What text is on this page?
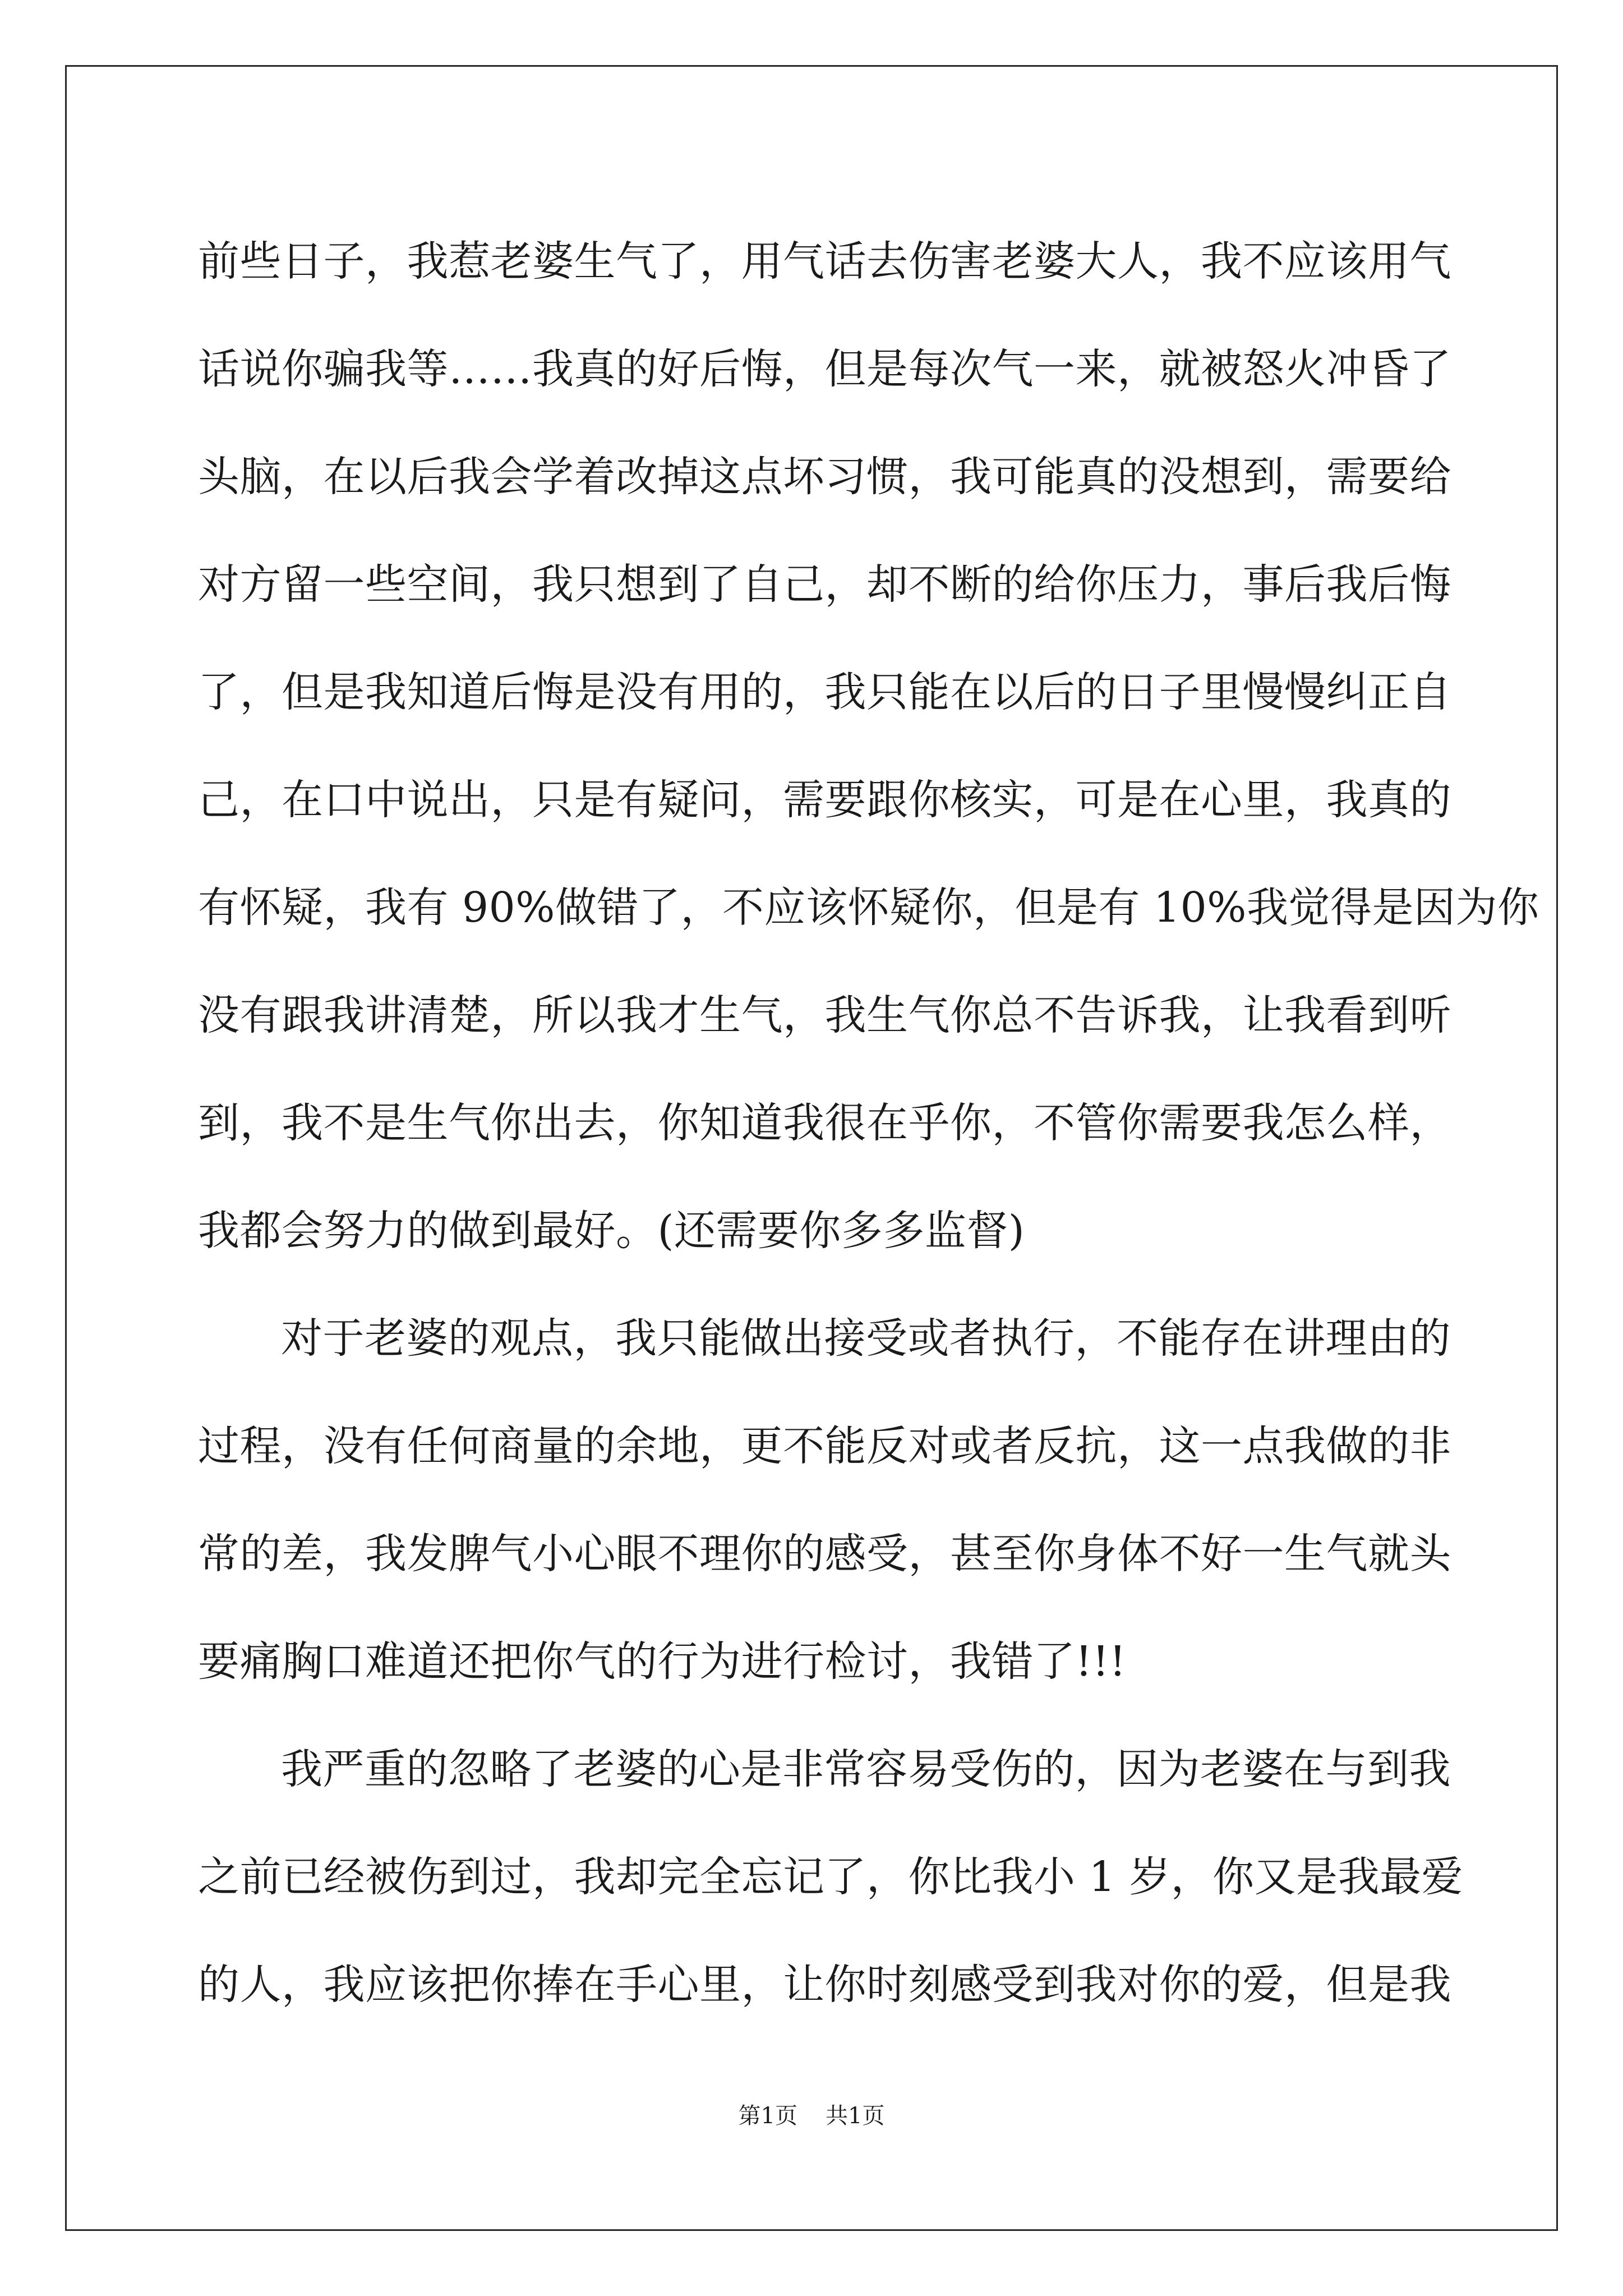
前些日子，我惹老婆生气了，用气话去伤害老婆大人，我不应该用气
话说你骗我等……我真的好后悔，但是每次气一来，就被怒火冲昏了
头脑，在以后我会学着改掉这点坏习惯，我可能真的没想到，需要给
对方留一些空间，我只想到了自己，却不断的给你压力，事后我后悔
了，但是我知道后悔是没有用的，我只能在以后的日子里慢慢纠正自
己，在口中说出，只是有疑问，需要跟你核实，可是在心里，我真的
有怀疑，我有 90%做错了，不应该怀疑你，但是有 10%我觉得是因为你
没有跟我讲清楚，所以我才生气，我生气你总不告诉我，让我看到听
到，我不是生气你出去，你知道我很在乎你，不管你需要我怎么样，
我都会努力的做到最好。(还需要你多多监督)
对于老婆的观点，我只能做出接受或者执行，不能存在讲理由的
过程，没有任何商量的余地，更不能反对或者反抗，这一点我做的非
常的差，我发脾气小心眼不理你的感受，甚至你身体不好一生气就头
要痛胸口难道还把你气的行为进行检讨，我错了!!!
我严重的忽略了老婆的心是非常容易受伤的，因为老婆在与到我
之前已经被伤到过，我却完全忘记了，你比我小 1 岁，你又是我最爱
的人，我应该把你捧在手心里，让你时刻感受到我对你的爱，但是我
第1页 共1页
